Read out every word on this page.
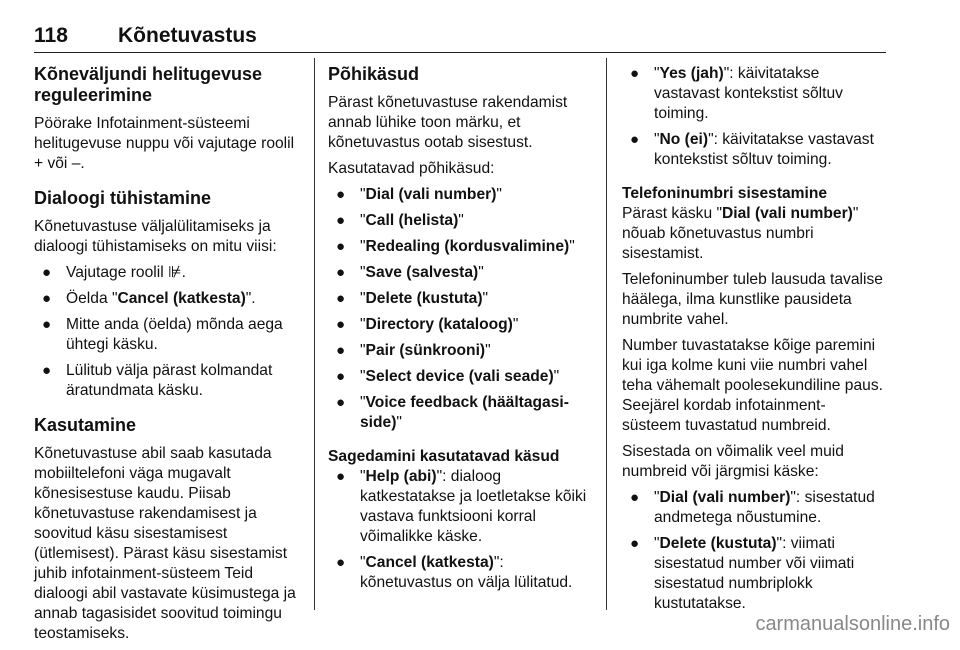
118 Kõnetuvastus
Kõneväljundi helitugevuse reguleerimine

Pöörake Infotainment-süsteemi helitugevuse nuppu või vajutage roolil + või –.

Dialoogi tühistamine

Kõnetuvastuse väljalülitamiseks ja dialoogi tühistamiseks on mitu viisi:

● Vajutage roolil ⊯.
● Öelda "Cancel (katkesta)".
● Mitte anda (öelda) mõnda aega ühtegi käsku.
● Lülitub välja pärast kolmandat äratundmata käsku.
Kasutamine

Kõnetuvastuse abil saab kasutada mobiiltelefoni väga mugavalt kõnesisestuse kaudu. Piisab kõnetuvastuse rakendamisest ja soovitud käsu sisestamisest (ütlemisest). Pärast käsu sisestamist juhib infotainment-süsteem Teid dialoogi abil vastavate küsimustega ja annab tagasisidet soovitud toimingu teostamiseks.

Põhikäsud

Pärast kõnetuvastuse rakendamist annab lühike toon märku, et kõnetuvastus ootab sisestust.

Kasutatavad põhikäsud:

● "Dial (vali number)"
● "Call (helista)"
● "Redealing (kordusvalimine)"
● "Save (salvesta)"
● "Delete (kustuta)"
● "Directory (kataloog)"
● "Pair (sünkrooni)"
● "Select device (vali seade)"
● "Voice feedback (häältagasi-side)"
Sagedamini kasutatavad käsud
● "Help (abi)": dialoog katkestatakse ja loetletakse kõiki vastava funktsiooni korral võimalikke käske.
● "Cancel (katkesta)": kõnetuvastus on välja lülitatud.
● "Yes (jah)": käivitatakse vastavast kontekstist sõltuv toiming.
● "No (ei)": käivitatakse vastavast kontekstist sõltuv toiming.
Telefoninumbri sisestamine

Pärast käsku "Dial (vali number)" nõuab kõnetuvastus numbri sisestamist.

Telefoninumber tuleb lausuda tavalise häälega, ilma kunstlike pausideta numbrite vahel.

Number tuvastatakse kõige paremini kui iga kolme kuni viie numbri vahel teha vähemalt poolesekundiline paus. Seejärel kordab infotainment-süsteem tuvastatud numbreid.

Sisestada on võimalik veel muid numbreid või järgmisi käske:

● "Dial (vali number)": sisestatud andmetega nõustumine.
● "Delete (kustuta)": viimati sisestatud number või viimati sisestatud numbriplokk kustutatakse.
carmanualsonline.info
